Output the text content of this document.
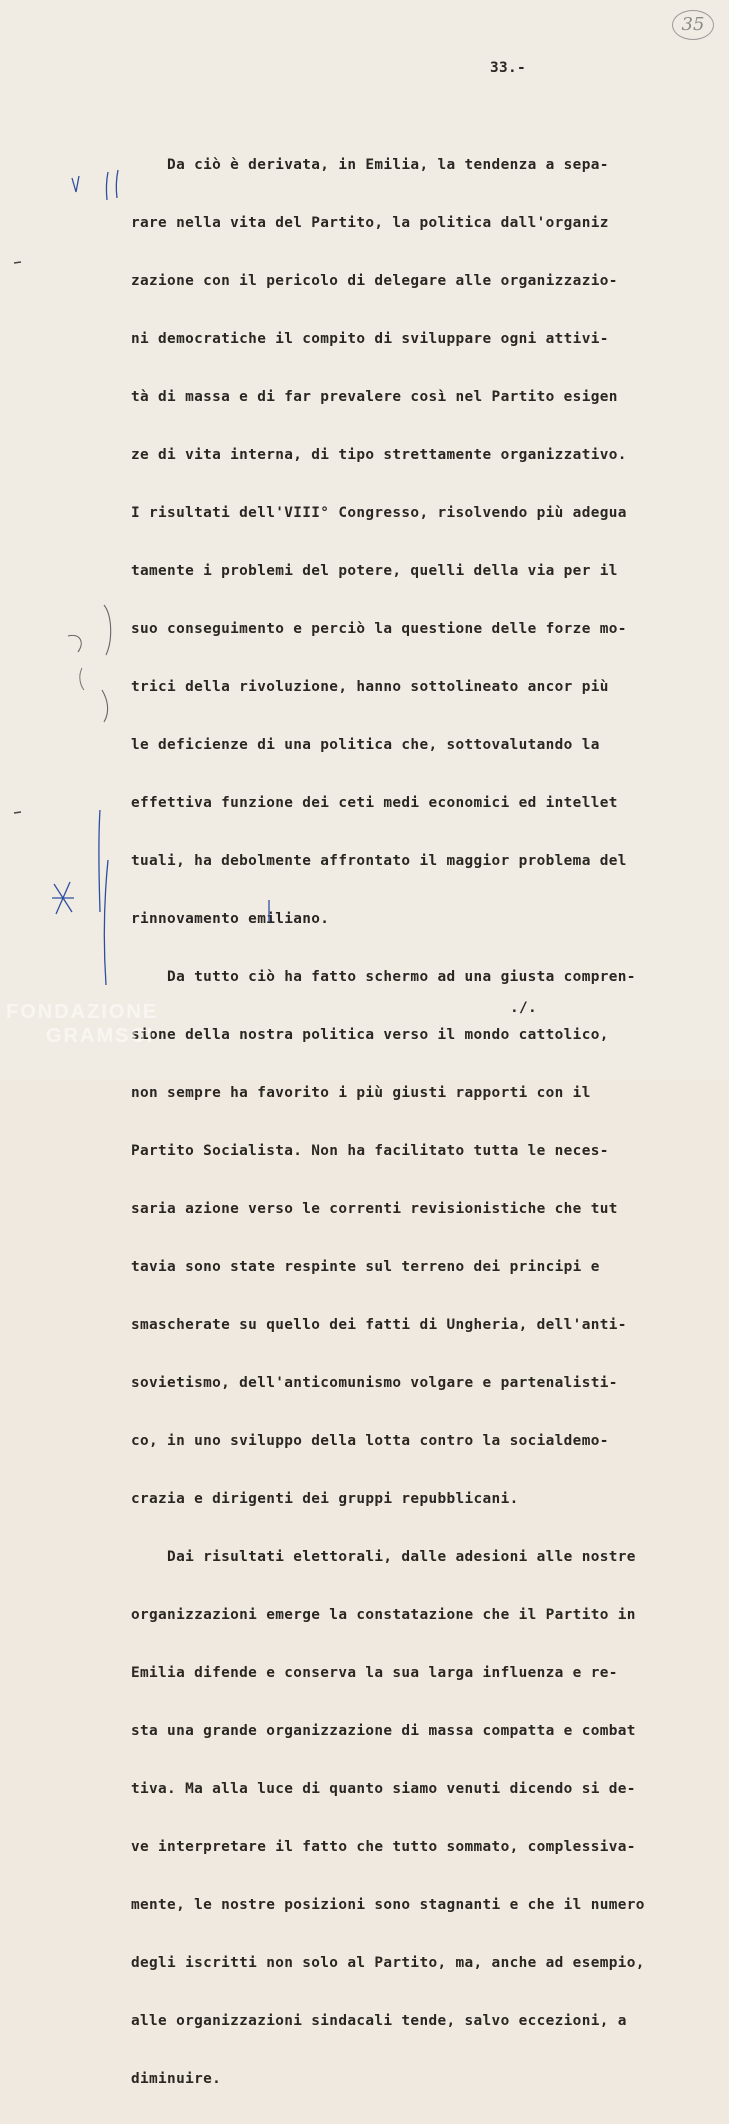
35
33.-

Da ciò è derivata, in Emilia, la tendenza a sepa-

rare nella vita del Partito, la politica dall'organiz

zazione con il pericolo di delegare alle organizzazio-

ni democratiche il compito di sviluppare ogni attivi-

tà di massa e di far prevalere così nel Partito esigen

ze di vita interna, di tipo strettamente organizzativo.

I risultati dell'VIII° Congresso, risolvendo più adegua

tamente i problemi del potere, quelli della via per il

suo conseguimento e perciò la questione delle forze mo-

trici della rivoluzione, hanno sottolineato ancor più

le deficienze di una politica che, sottovalutando la

effettiva funzione dei ceti medi economici ed intellet

tuali, ha debolmente affrontato il maggior problema del

rinnovamento emiliano.

Da tutto ciò ha fatto schermo ad una giusta compren-

sione della nostra politica verso il mondo cattolico,

non sempre ha favorito i più giusti rapporti con il

Partito Socialista. Non ha facilitato tutta le neces-

saria azione verso le correnti revisionistiche che tut

tavia sono state respinte sul terreno dei principi e

smascherate su quello dei fatti di Ungheria, dell'anti-

sovietismo, dell'anticomunismo volgare e partenalisti-

co, in uno sviluppo della lotta contro la socialdemo-

crazia e dirigenti dei gruppi repubblicani.

Dai risultati elettorali, dalle adesioni alle nostre

organizzazioni emerge la constatazione che il Partito in

Emilia difende e conserva la sua larga influenza e re-

sta una grande organizzazione di massa compatta e combat

tiva. Ma alla luce di quanto siamo venuti dicendo si de-

ve interpretare il fatto che tutto sommato, complessiva-

mente, le nostre posizioni sono stagnanti e che il numero

degli iscritti non solo al Partito, ma, anche ad esempio,

alle organizzazioni sindacali tende, salvo eccezioni, a

diminuire.

./.
FONDAZIONE
GRAMSCI
